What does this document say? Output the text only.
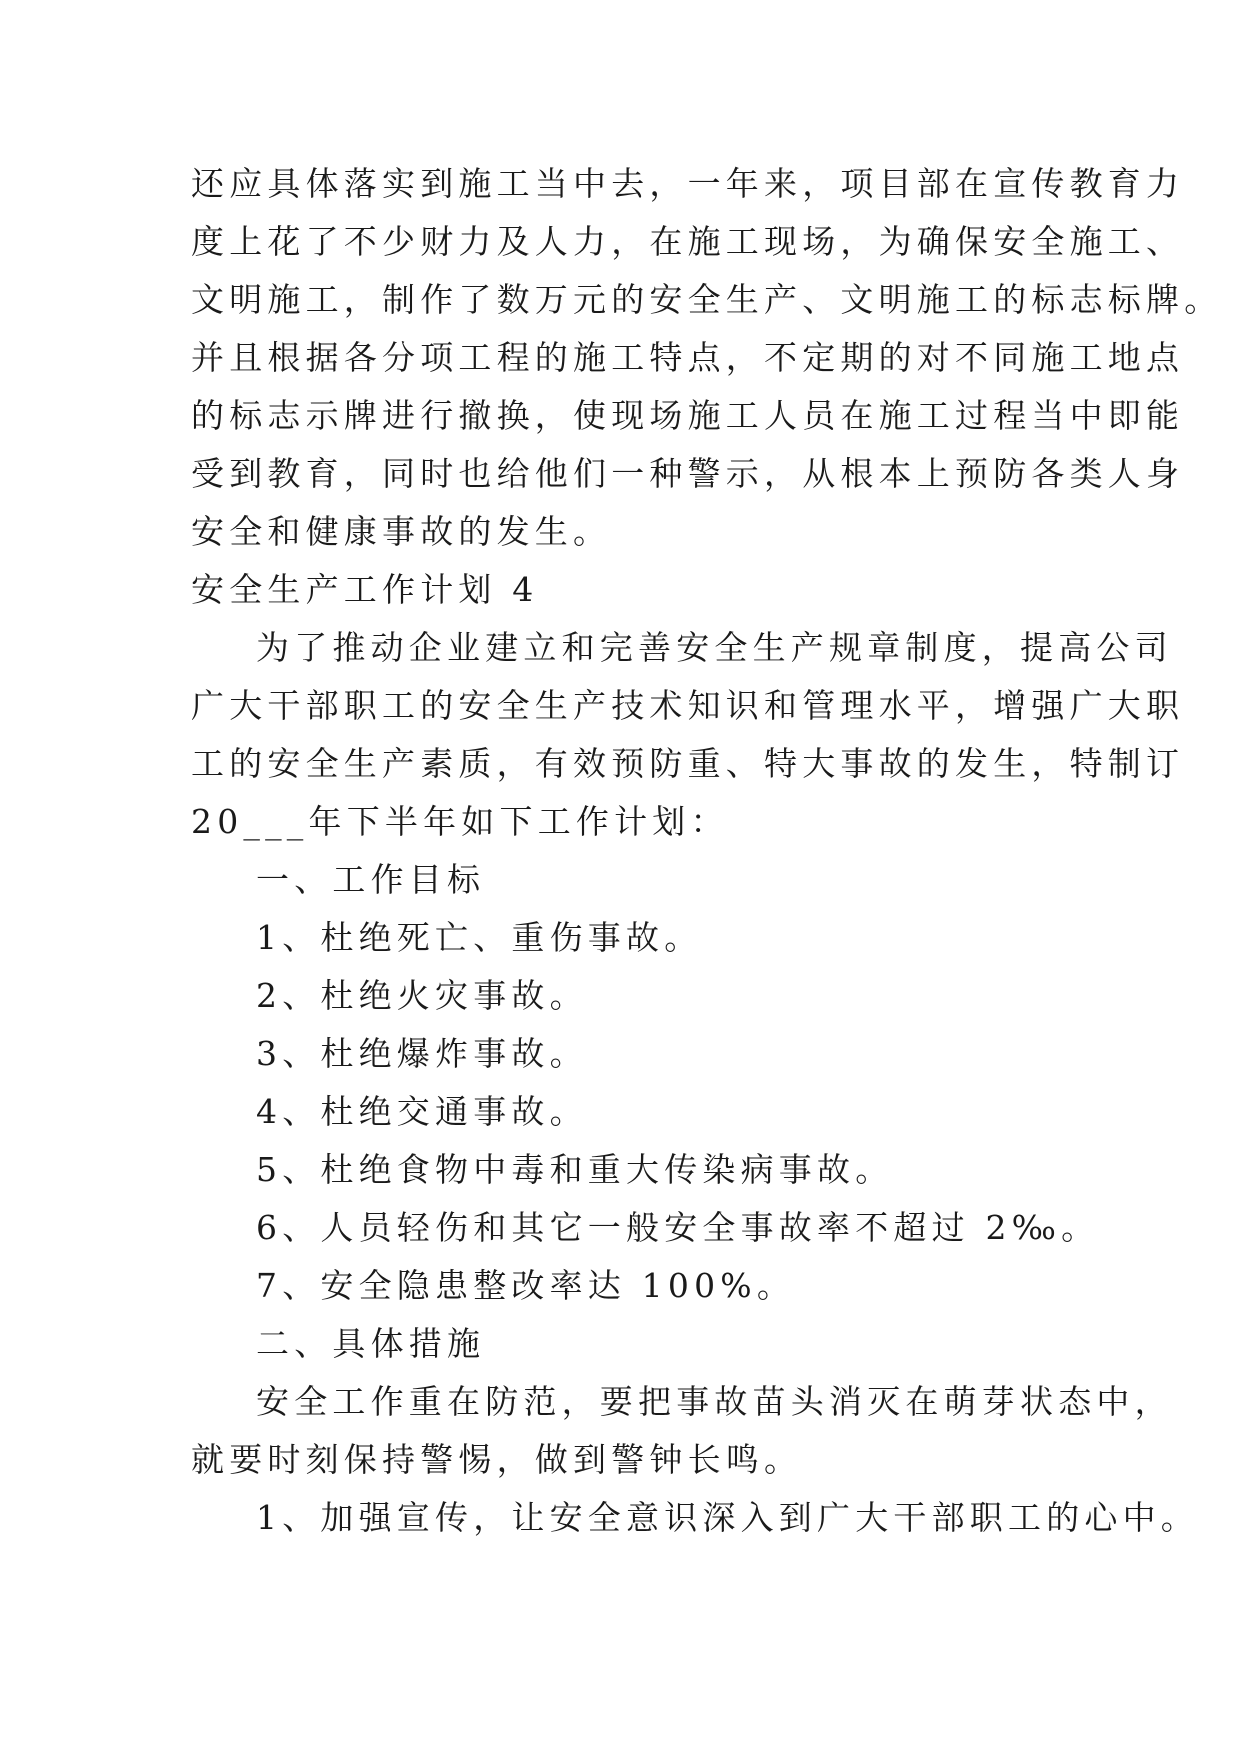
还应具体落实到施工当中去，一年来，项目部在宣传教育力
度上花了不少财力及人力，在施工现场，为确保安全施工、
文明施工，制作了数万元的安全生产、文明施工的标志标牌。
并且根据各分项工程的施工特点，不定期的对不同施工地点
的标志示牌进行撤换，使现场施工人员在施工过程当中即能
受到教育，同时也给他们一种警示，从根本上预防各类人身
安全和健康事故的发生。
安全生产工作计划 4
为了推动企业建立和完善安全生产规章制度，提高公司
广大干部职工的安全生产技术知识和管理水平，增强广大职
工的安全生产素质，有效预防重、特大事故的发生，特制订
20___年下半年如下工作计划：
一、工作目标
1、杜绝死亡、重伤事故。
2、杜绝火灾事故。
3、杜绝爆炸事故。
4、杜绝交通事故。
5、杜绝食物中毒和重大传染病事故。
6、人员轻伤和其它一般安全事故率不超过 2‰。
7、安全隐患整改率达 100%。
二、具体措施
安全工作重在防范，要把事故苗头消灭在萌芽状态中，
就要时刻保持警惕，做到警钟长鸣。
1、加强宣传，让安全意识深入到广大干部职工的心中。
